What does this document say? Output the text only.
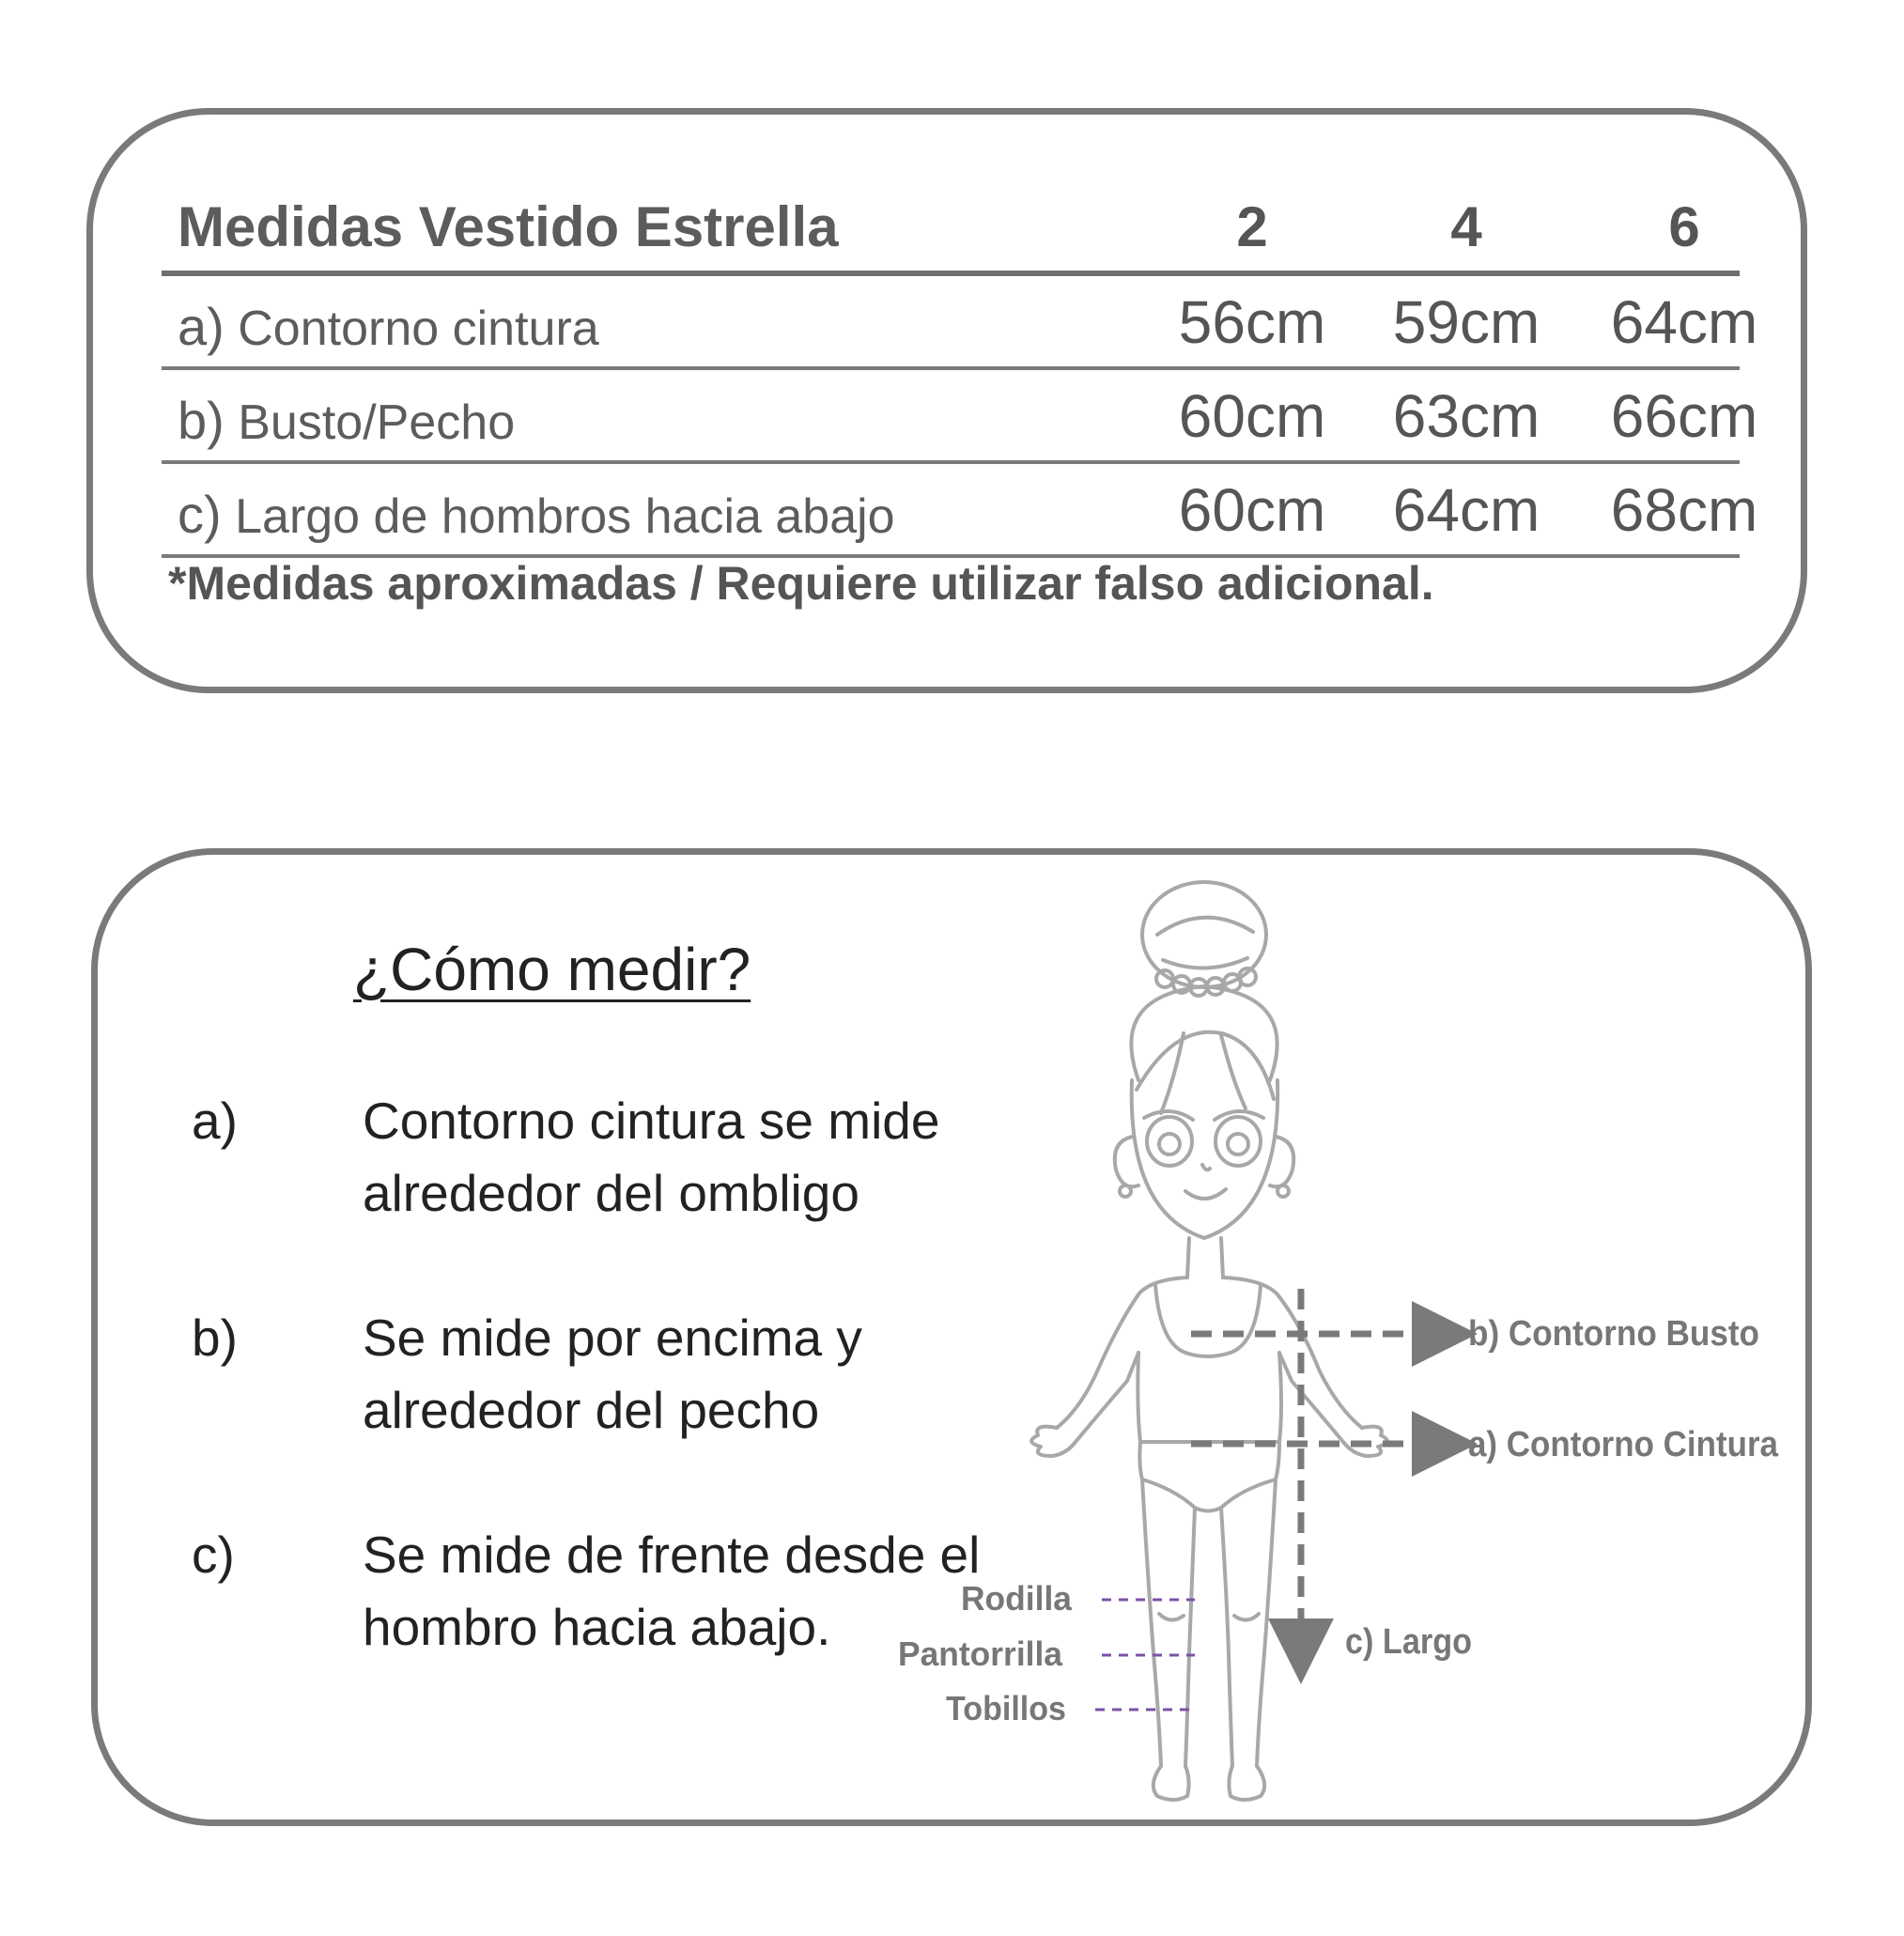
Medidas Vestido Estrella	2	4	6
a) Contorno cintura	56cm	59cm	64cm
b) Busto/Pecho	60cm	63cm	66cm
c) Largo de hombros hacia abajo	60cm	64cm	68cm
*Medidas aproximadas / Requiere utilizar falso adicional.
¿Cómo medir?
a) Contorno cintura se mide alrededor del ombligo
b) Se mide por encima y alrededor del pecho
c) Se mide de frente desde el hombro hacia abajo.
b) Contorno Busto
a) Contorno Cintura
c) Largo
Rodilla
Pantorrilla
Tobillos
